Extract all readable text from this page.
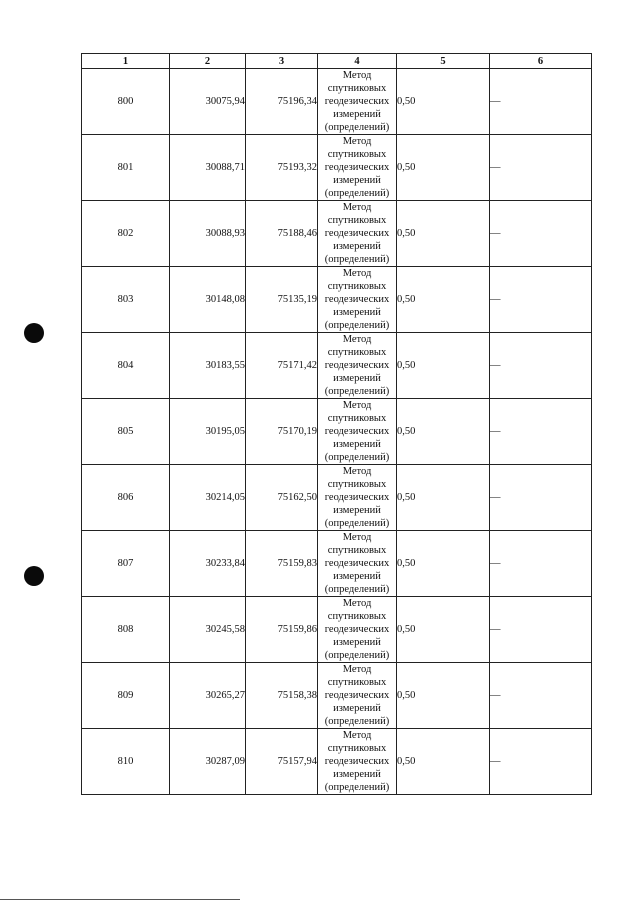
1	2	3	4	5	6
800	30075,94	75196,34	Метод
спутниковых
геодезических
измерений
(определений)	0,50	—
801	30088,71	75193,32	Метод
спутниковых
геодезических
измерений
(определений)	0,50	—
802	30088,93	75188,46	Метод
спутниковых
геодезических
измерений
(определений)	0,50	—
803	30148,08	75135,19	Метод
спутниковых
геодезических
измерений
(определений)	0,50	—
804	30183,55	75171,42	Метод
спутниковых
геодезических
измерений
(определений)	0,50	—
805	30195,05	75170,19	Метод
спутниковых
геодезических
измерений
(определений)	0,50	—
806	30214,05	75162,50	Метод
спутниковых
геодезических
измерений
(определений)	0,50	—
807	30233,84	75159,83	Метод
спутниковых
геодезических
измерений
(определений)	0,50	—
808	30245,58	75159,86	Метод
спутниковых
геодезических
измерений
(определений)	0,50	—
809	30265,27	75158,38	Метод
спутниковых
геодезических
измерений
(определений)	0,50	—
810	30287,09	75157,94	Метод
спутниковых
геодезических
измерений
(определений)	0,50	—
